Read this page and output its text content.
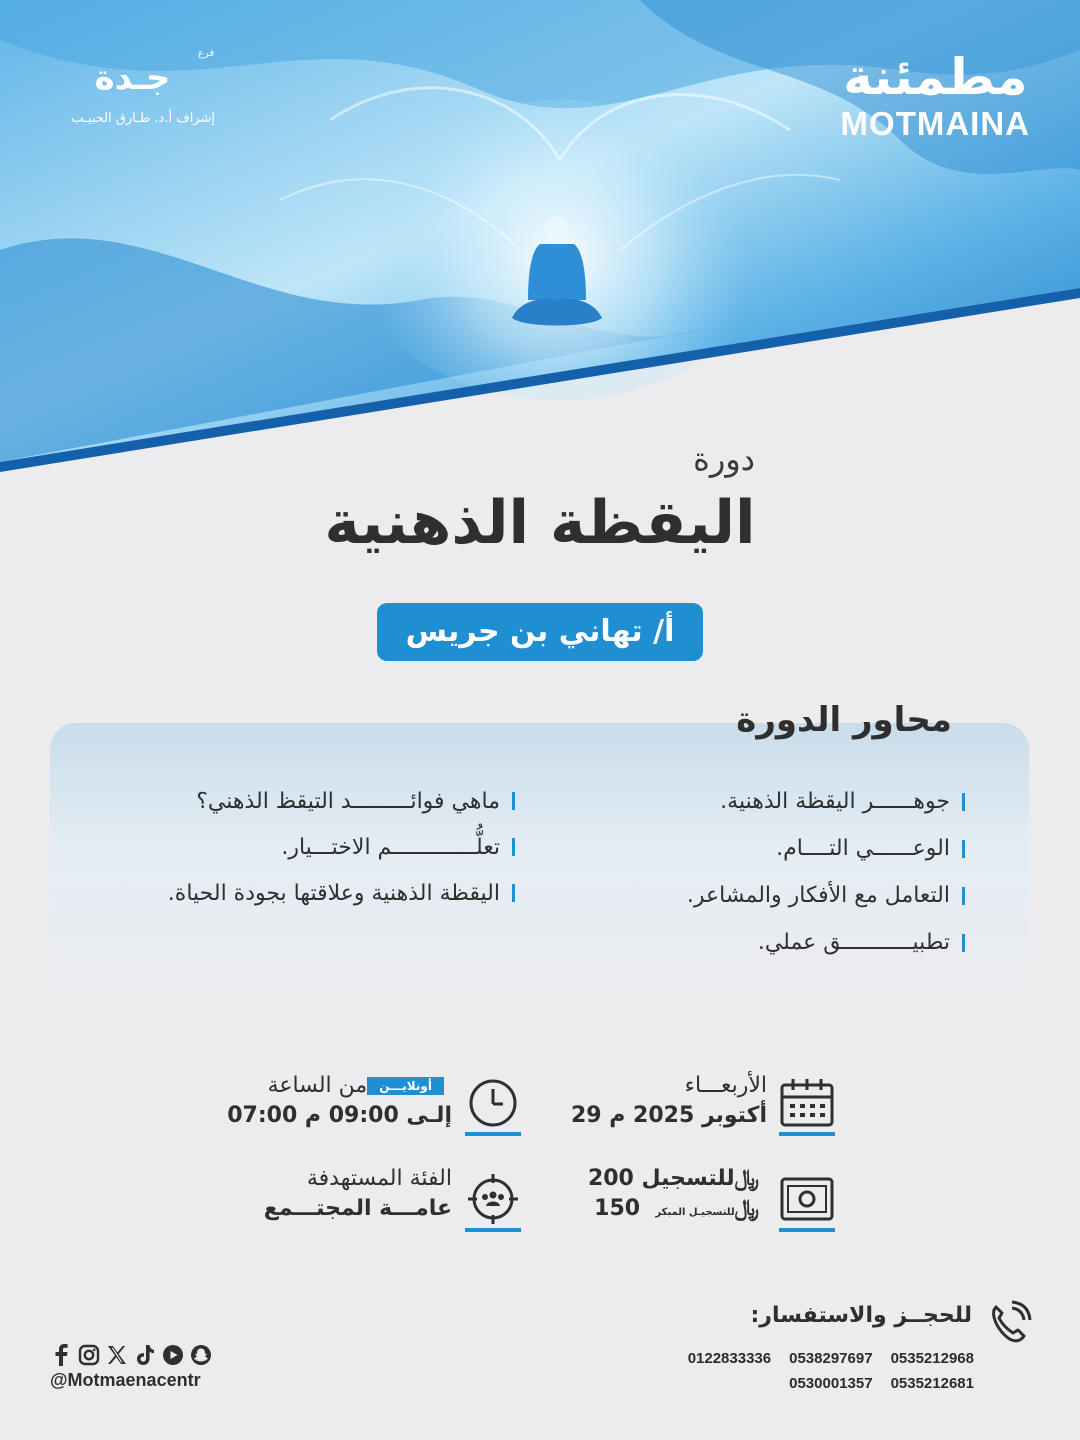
مطمئنة
MOTMAINA
فرع
جـدة
إشراف أ.د. طـارق الحبيـب
دورة
اليقظة الذهنية
أ/ تهاني بن جريس
محاور الدورة
جوهــــــر اليقظة الذهنية.
الوعــــــي التــــام.
التعامل مع الأفكار والمشاعر.
تطبيـــــــــــق عملي.
ماهي فوائـــــــــد التيقظ الذهني؟
تعلُّـــــــــــــم الاختـــيار.
اليقظة الذهنية وعلاقتها بجودة الحياة.
الأربعـــاء
29 أكتوبر 2025 م
من الساعة أونلايـــن
07:00 إلـى 09:00 م
للتسجيل 200	﷼
للتسجيـل المبكر  150	﷼
الفئة المستهدفة
عامـــة المجتـــمع
للحجــز والاستفسار:
0122833336 0538297697 0535212968
0530001357 0535212681
@Motmaenacentr
